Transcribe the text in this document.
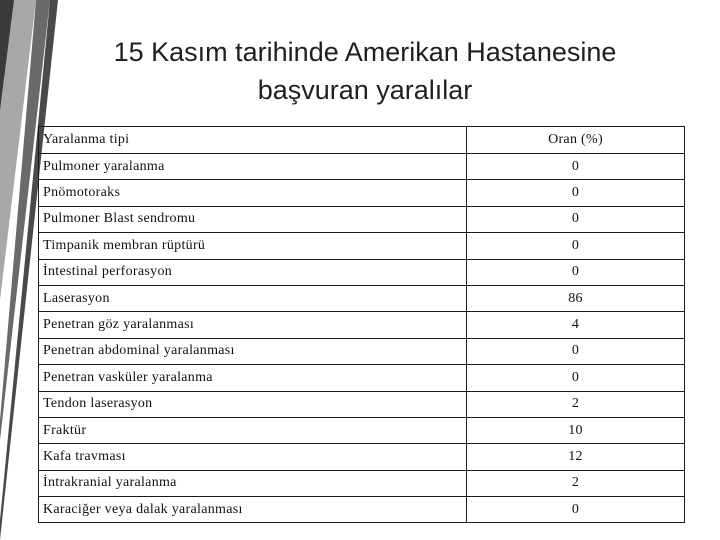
15 Kasım tarihinde Amerikan Hastanesine
başvuran yaralılar
Yaralanma tipi	Oran (%)
Pulmoner yaralanma	0
Pnömotoraks	0
Pulmoner Blast sendromu	0
Timpanik membran rüptürü	0
İntestinal perforasyon	0
Laserasyon	86
Penetran göz yaralanması	4
Penetran abdominal yaralanması	0
Penetran vasküler yaralanma	0
Tendon laserasyon	2
Fraktür	10
Kafa travması	12
İntrakranial yaralanma	2
Karaciğer veya dalak yaralanması	0
